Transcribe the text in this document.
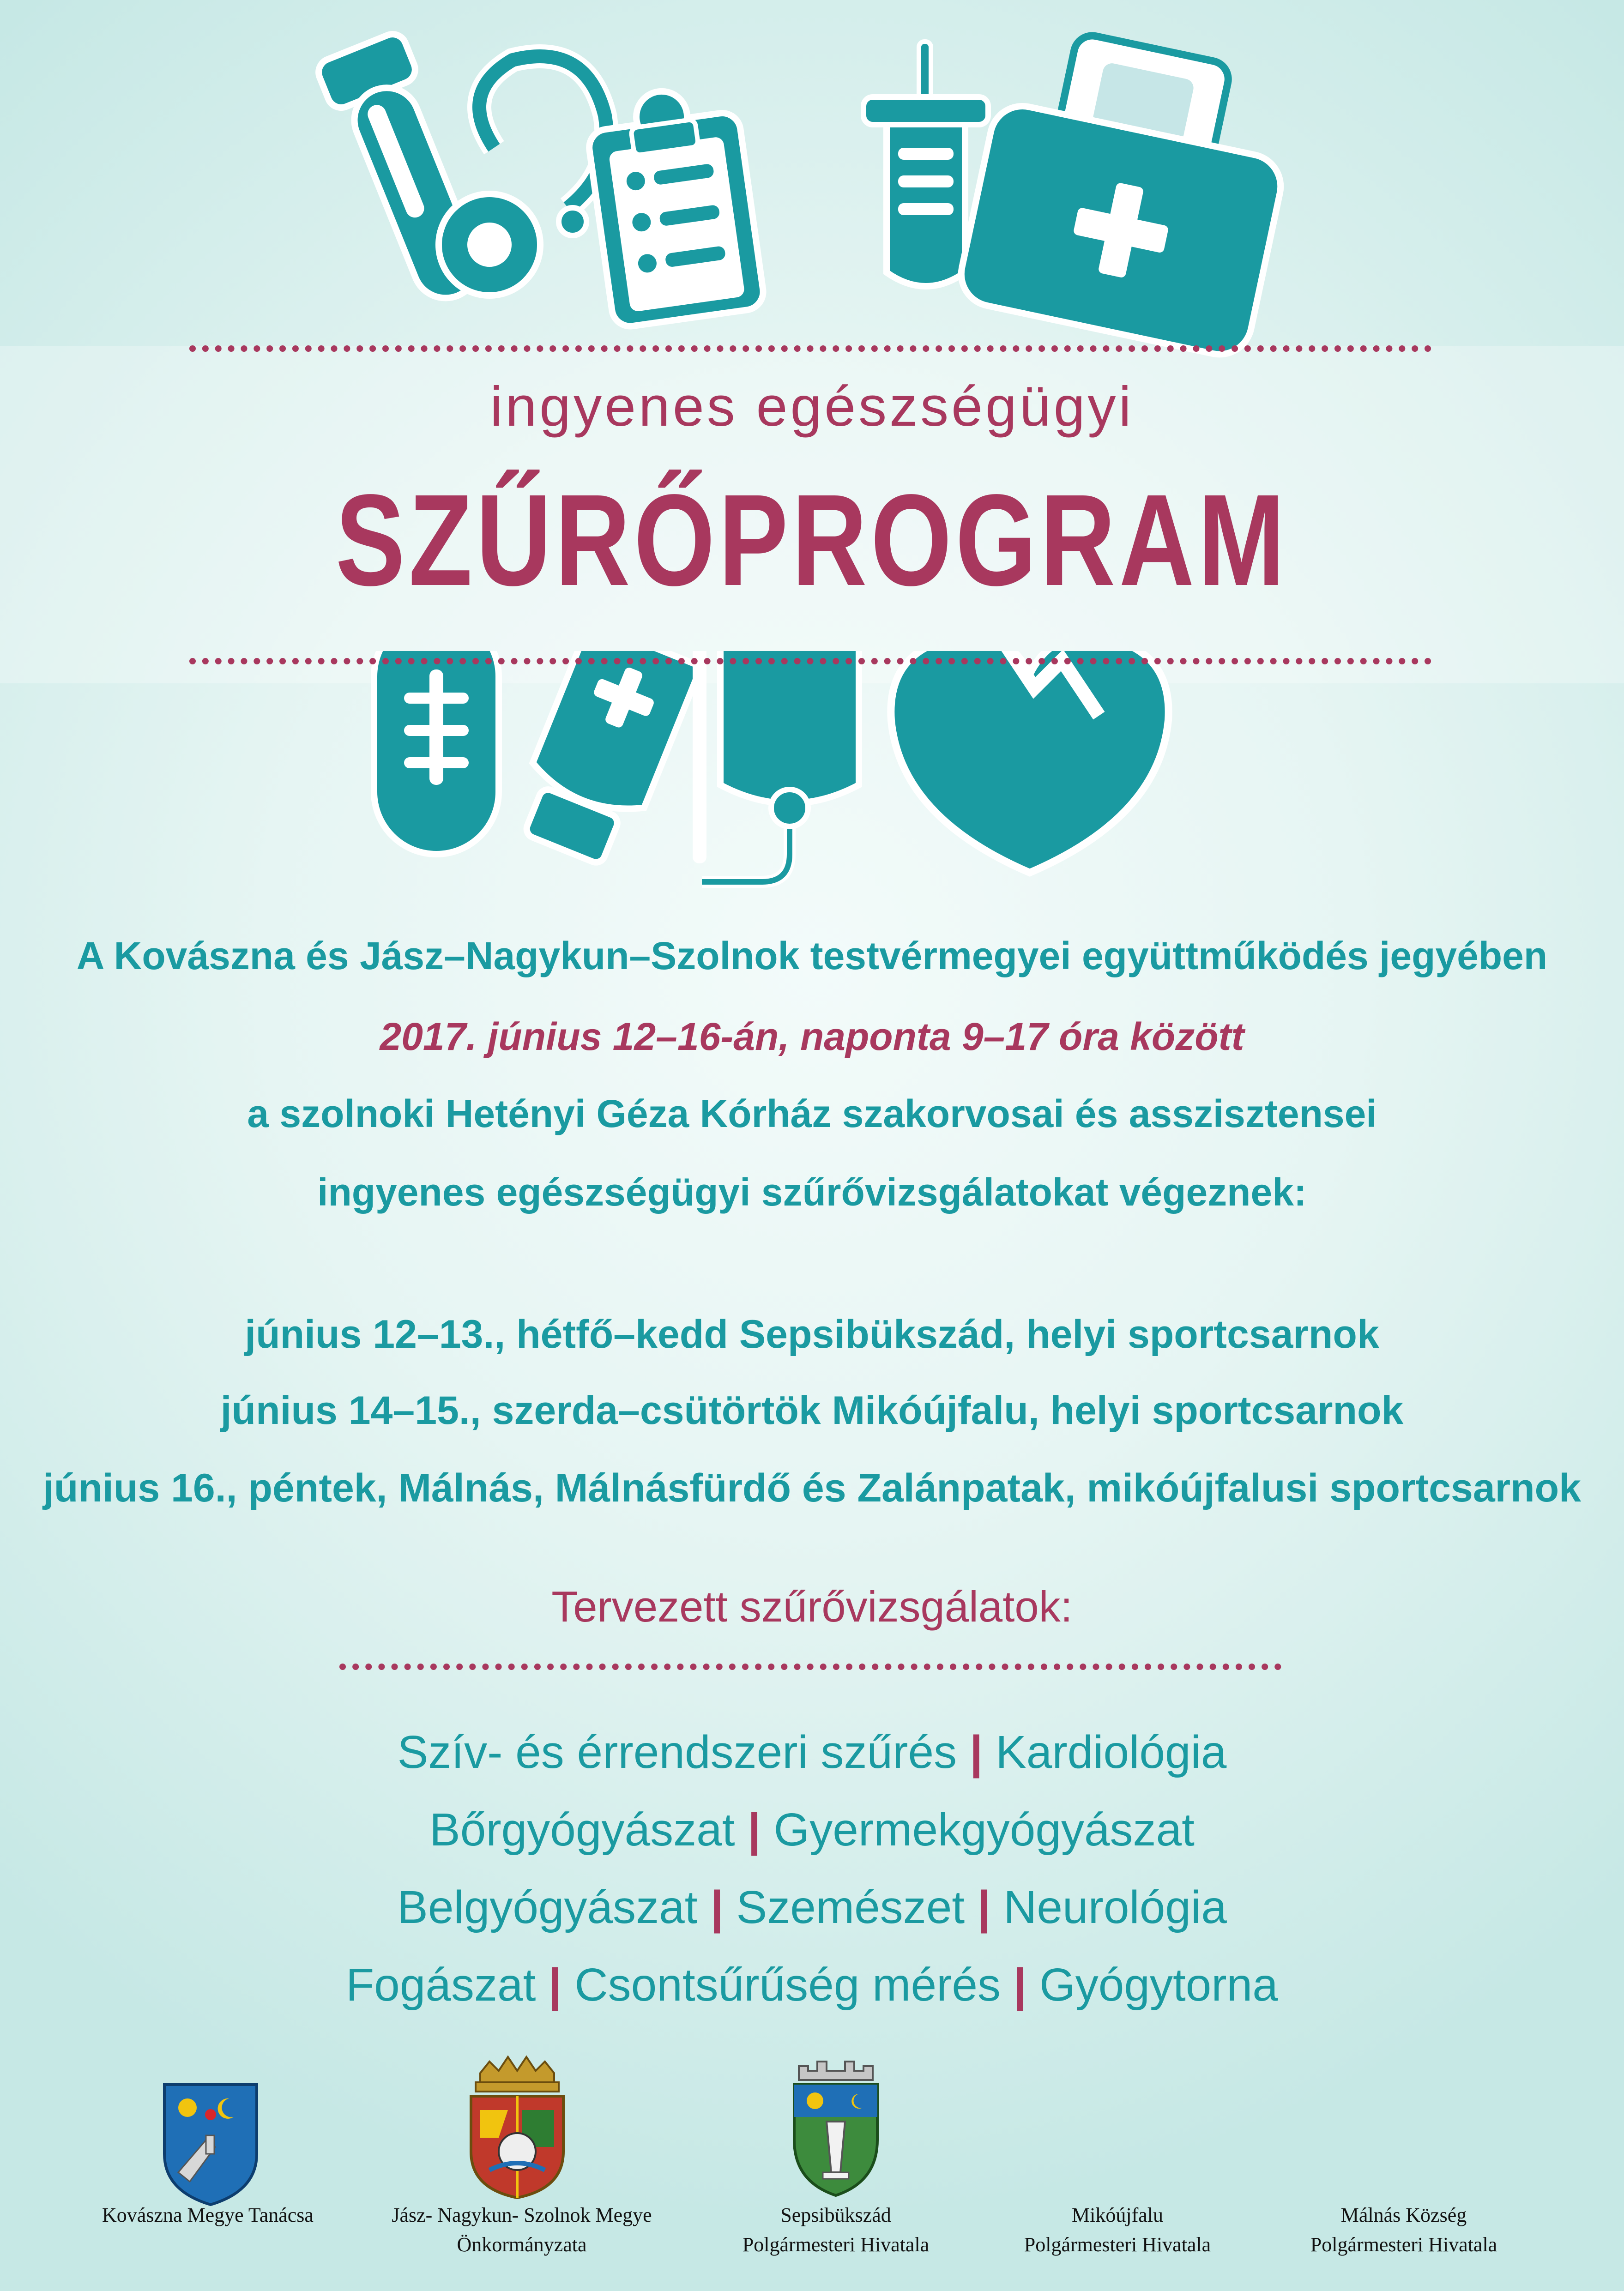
ingyenes egészségügyi
SZŰRŐPROGRAM
A Kovászna és Jász–Nagykun–Szolnok testvérmegyei együttműködés jegyében
2017. június 12–16-án, naponta 9–17 óra között
a szolnoki Hetényi Géza Kórház szakorvosai és asszisztensei
ingyenes egészségügyi szűrővizsgálatokat végeznek:
június 12–13., hétfő–kedd Sepsibükszád, helyi sportcsarnok
június 14–15., szerda–csütörtök Mikóújfalu, helyi sportcsarnok
június 16., péntek, Málnás, Málnásfürdő és Zalánpatak, mikóújfalusi sportcsarnok
Tervezett szűrővizsgálatok:
Szív- és érrendszeri szűrés | Kardiológia
Bőrgyógyászat | Gyermekgyógyászat
Belgyógyászat | Szemészet | Neurológia
Fogászat | Csontsűrűség mérés | Gyógytorna
Kovászna Megye Tanácsa	Jász- Nagykun- Szolnok Megye
Önkormányzata
Sepsibükszád
Polgármesteri Hivatala
Mikóújfalu
Polgármesteri Hivatala
Málnás Község
Polgármesteri Hivatala
